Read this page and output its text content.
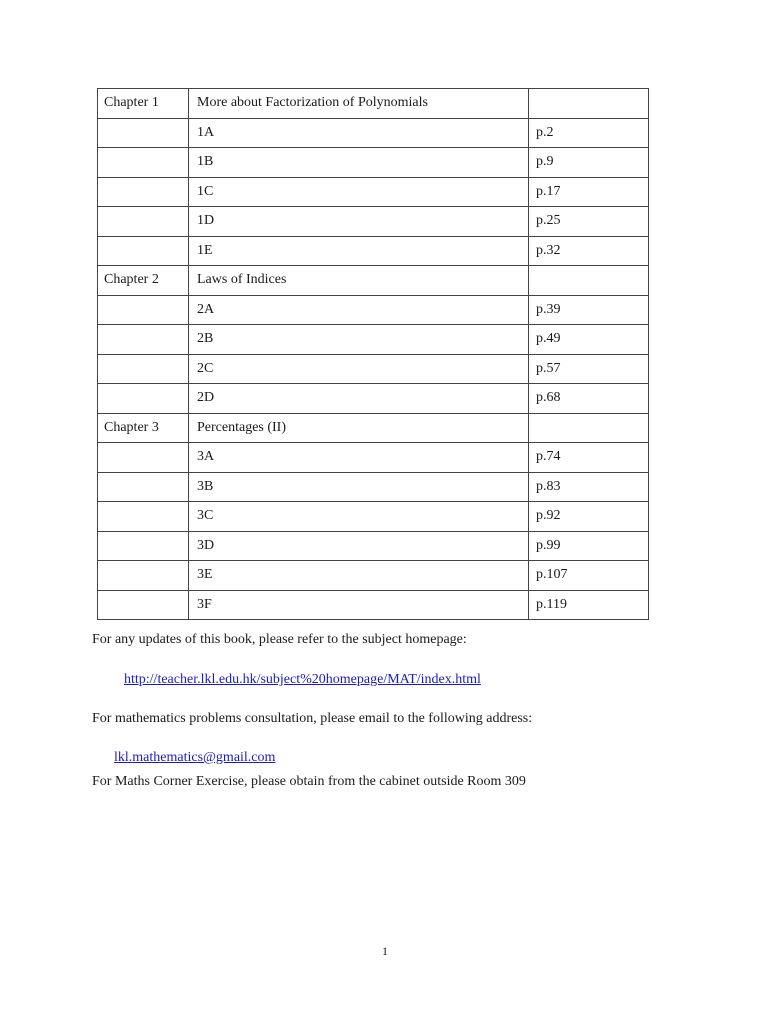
Chapter 1	More about Factorization of Polynomials	
	1A	p.2
	1B	p.9
	1C	p.17
	1D	p.25
	1E	p.32
Chapter 2	Laws of Indices	
	2A	p.39
	2B	p.49
	2C	p.57
	2D	p.68
Chapter 3	Percentages (II)	
	3A	p.74
	3B	p.83
	3C	p.92
	3D	p.99
	3E	p.107
	3F	p.119
For any updates of this book, please refer to the subject homepage:
http://teacher.lkl.edu.hk/subject%20homepage/MAT/index.html
For mathematics problems consultation, please email to the following address:
lkl.mathematics@gmail.com
For Maths Corner Exercise, please obtain from the cabinet outside Room 309
1
